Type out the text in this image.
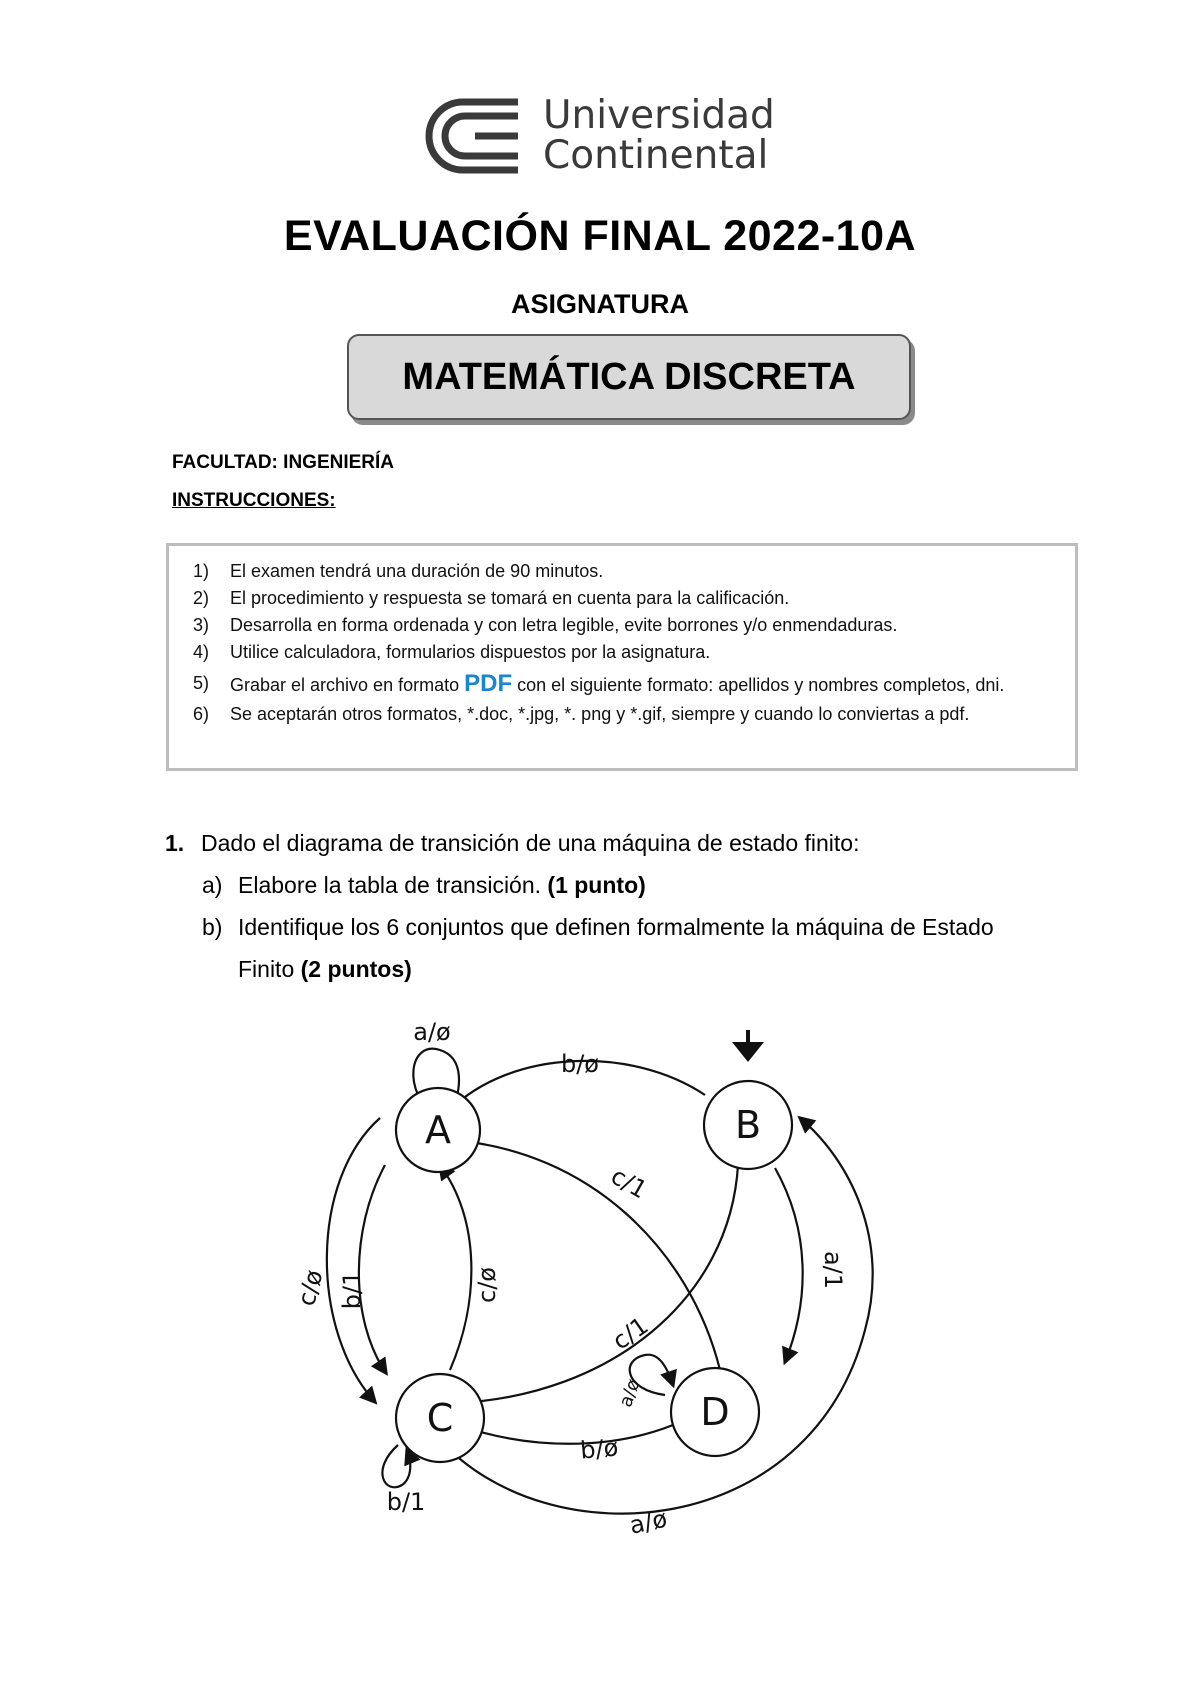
Universidad
Continental
EVALUACIÓN FINAL 2022-10A
ASIGNATURA
MATEMÁTICA DISCRETA
FACULTAD: INGENIERÍA
INSTRUCCIONES:
1) El examen tendrá una duración de 90 minutos.
2) El procedimiento y respuesta se tomará en cuenta para la calificación.
3) Desarrolla en forma ordenada y con letra legible, evite borrones y/o enmendaduras.
4) Utilice calculadora, formularios dispuestos por la asignatura.
5) Grabar el archivo en formato PDF con el siguiente formato: apellidos y nombres completos, dni.
6) Se aceptarán otros formatos, *.doc, *.jpg, *. png y *.gif, siempre y cuando lo conviertas a pdf.
1. Dado el diagrama de transición de una máquina de estado finito:
a) Elabore la tabla de transición. (1 punto)
b) Identifique los 6 conjuntos que definen formalmente la máquina de Estado
Finito (2 puntos)
A	B
C	D
a/ø
b/ø
c/1
a/1
c/ø b/1	c/ø
c/1
a/ø
b/ø
b/1
a/ø
